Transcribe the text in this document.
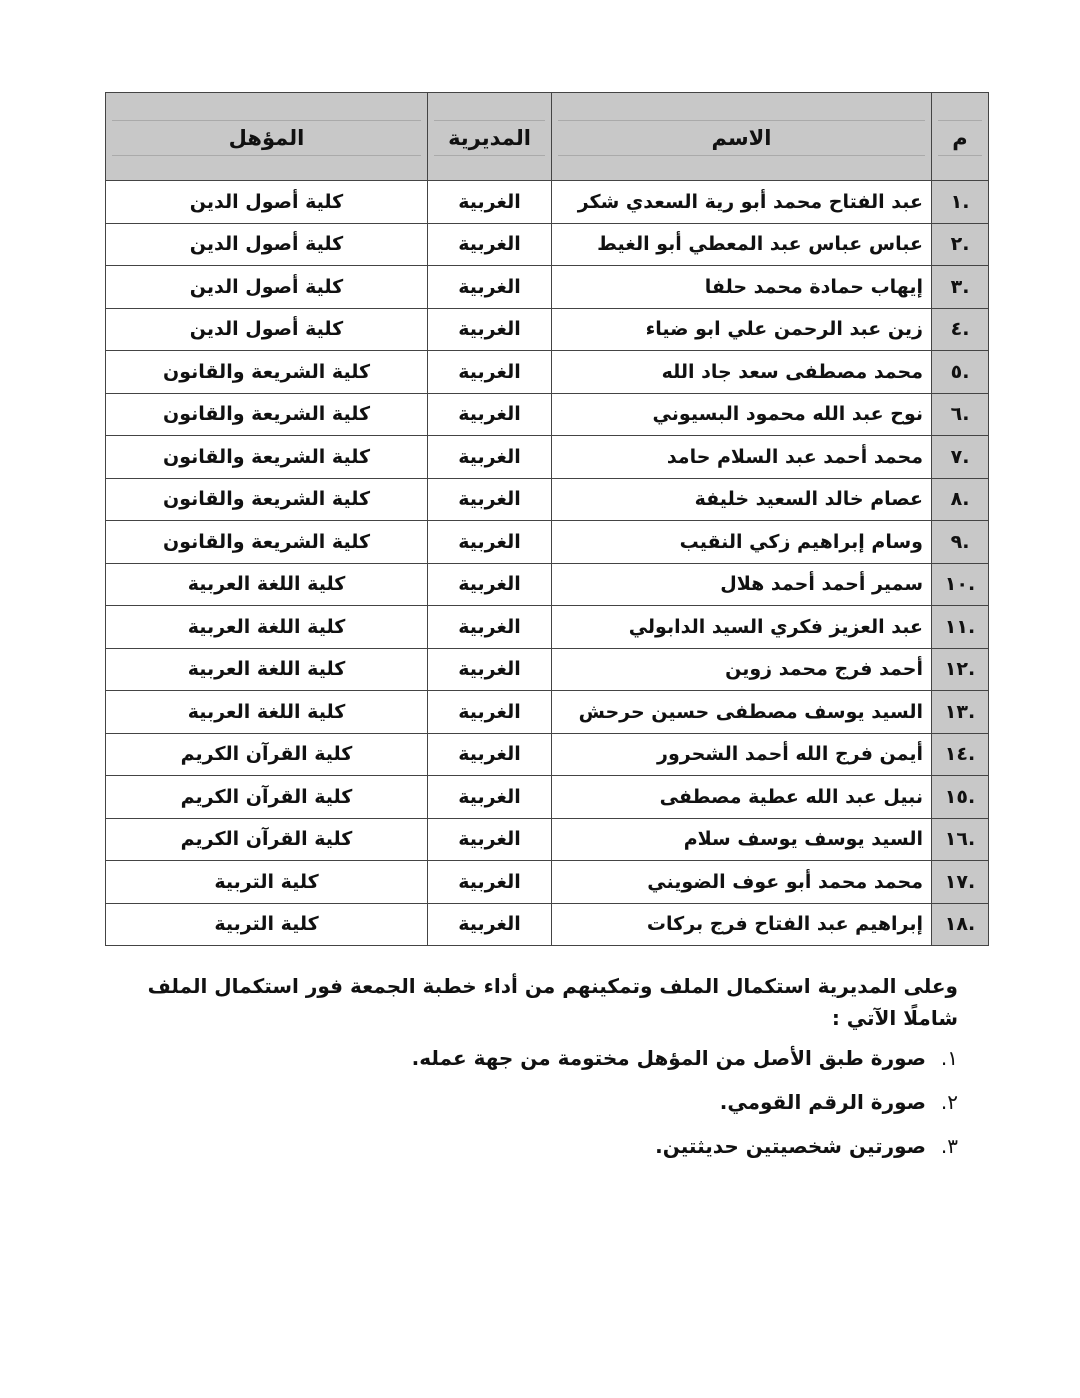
م	الاسم	المديرية	المؤهل

.١	عبد الفتاح محمد أبو رية السعدي شكر	الغربية	كلية أصول الدين
.٢	عباس عباس عبد المعطي أبو الغيط	الغربية	كلية أصول الدين
.٣	إيهاب حمادة محمد حلفا	الغربية	كلية أصول الدين
.٤	زين عبد الرحمن علي ابو ضياء	الغربية	كلية أصول الدين
.٥	محمد مصطفى سعد جاد الله	الغربية	كلية الشريعة والقانون
.٦	نوح عبد الله محمود البسيوني	الغربية	كلية الشريعة والقانون
.٧	محمد أحمد عبد السلام حامد	الغربية	كلية الشريعة والقانون
.٨	عصام خالد السعيد خليفة	الغربية	كلية الشريعة والقانون
.٩	وسام إبراهيم زكي النقيب	الغربية	كلية الشريعة والقانون
.١٠	سمير أحمد أحمد هلال	الغربية	كلية اللغة العربية
.١١	عبد العزيز فكري السيد الدابولي	الغربية	كلية اللغة العربية
.١٢	أحمد فرج محمد زوين	الغربية	كلية اللغة العربية
.١٣	السيد يوسف مصطفى حسين حرحش	الغربية	كلية اللغة العربية
.١٤	أيمن فرج الله أحمد الشحرور	الغربية	كلية القرآن الكريم
.١٥	نبيل عبد الله عطية مصطفى	الغربية	كلية القرآن الكريم
.١٦	السيد يوسف يوسف سلام	الغربية	كلية القرآن الكريم
.١٧	محمد محمد أبو عوف الضويني	الغربية	كلية التربية
.١٨	إبراهيم عبد الفتاح فرج بركات	الغربية	كلية التربية

وعلى المديرية استكمال الملف وتمكينهم من أداء خطبة الجمعة فور استكمال الملف شاملًا الآتي :

١.
صورة طبق الأصل من المؤهل مختومة من جهة عمله.
٢.
صورة الرقم القومي.
٣.
صورتين شخصيتين حديثتين.
